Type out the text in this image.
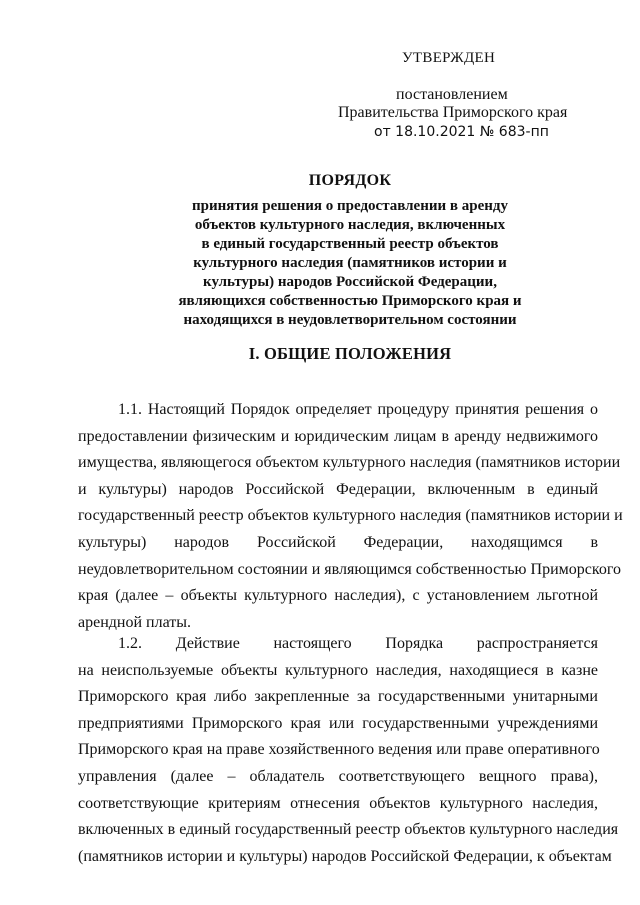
УТВЕРЖДЕН
постановлением
Правительства Приморского края
от 18.10.2021 № 683-пп
ПОРЯДОК
принятия решения о предоставлении в аренду
объектов культурного наследия, включенных
в единый государственный реестр объектов
культурного наследия (памятников истории и
культуры) народов Российской Федерации,
являющихся собственностью Приморского края и
находящихся в неудовлетворительном состоянии
I. ОБЩИЕ ПОЛОЖЕНИЯ
1.1. Настоящий Порядок определяет процедуру принятия решения о
предоставлении физическим и юридическим лицам в аренду недвижимого
имущества, являющегося объектом культурного наследия (памятников истории
и культуры) народов Российской Федерации, включенным в единый
государственный реестр объектов культурного наследия (памятников истории и
культуры) народов Российской Федерации, находящимся в
неудовлетворительном состоянии и являющимся собственностью Приморского
края (далее – объекты культурного наследия), с установлением льготной
арендной платы.
1.2. Действие настоящего Порядка распространяется
на неиспользуемые объекты культурного наследия, находящиеся в казне
Приморского края либо закрепленные за государственными унитарными
предприятиями Приморского края или государственными учреждениями
Приморского края на праве хозяйственного ведения или праве оперативного
управления (далее – обладатель соответствующего вещного права),
соответствующие критериям отнесения объектов культурного наследия,
включенных в единый государственный реестр объектов культурного наследия
(памятников истории и культуры) народов Российской Федерации, к объектам
